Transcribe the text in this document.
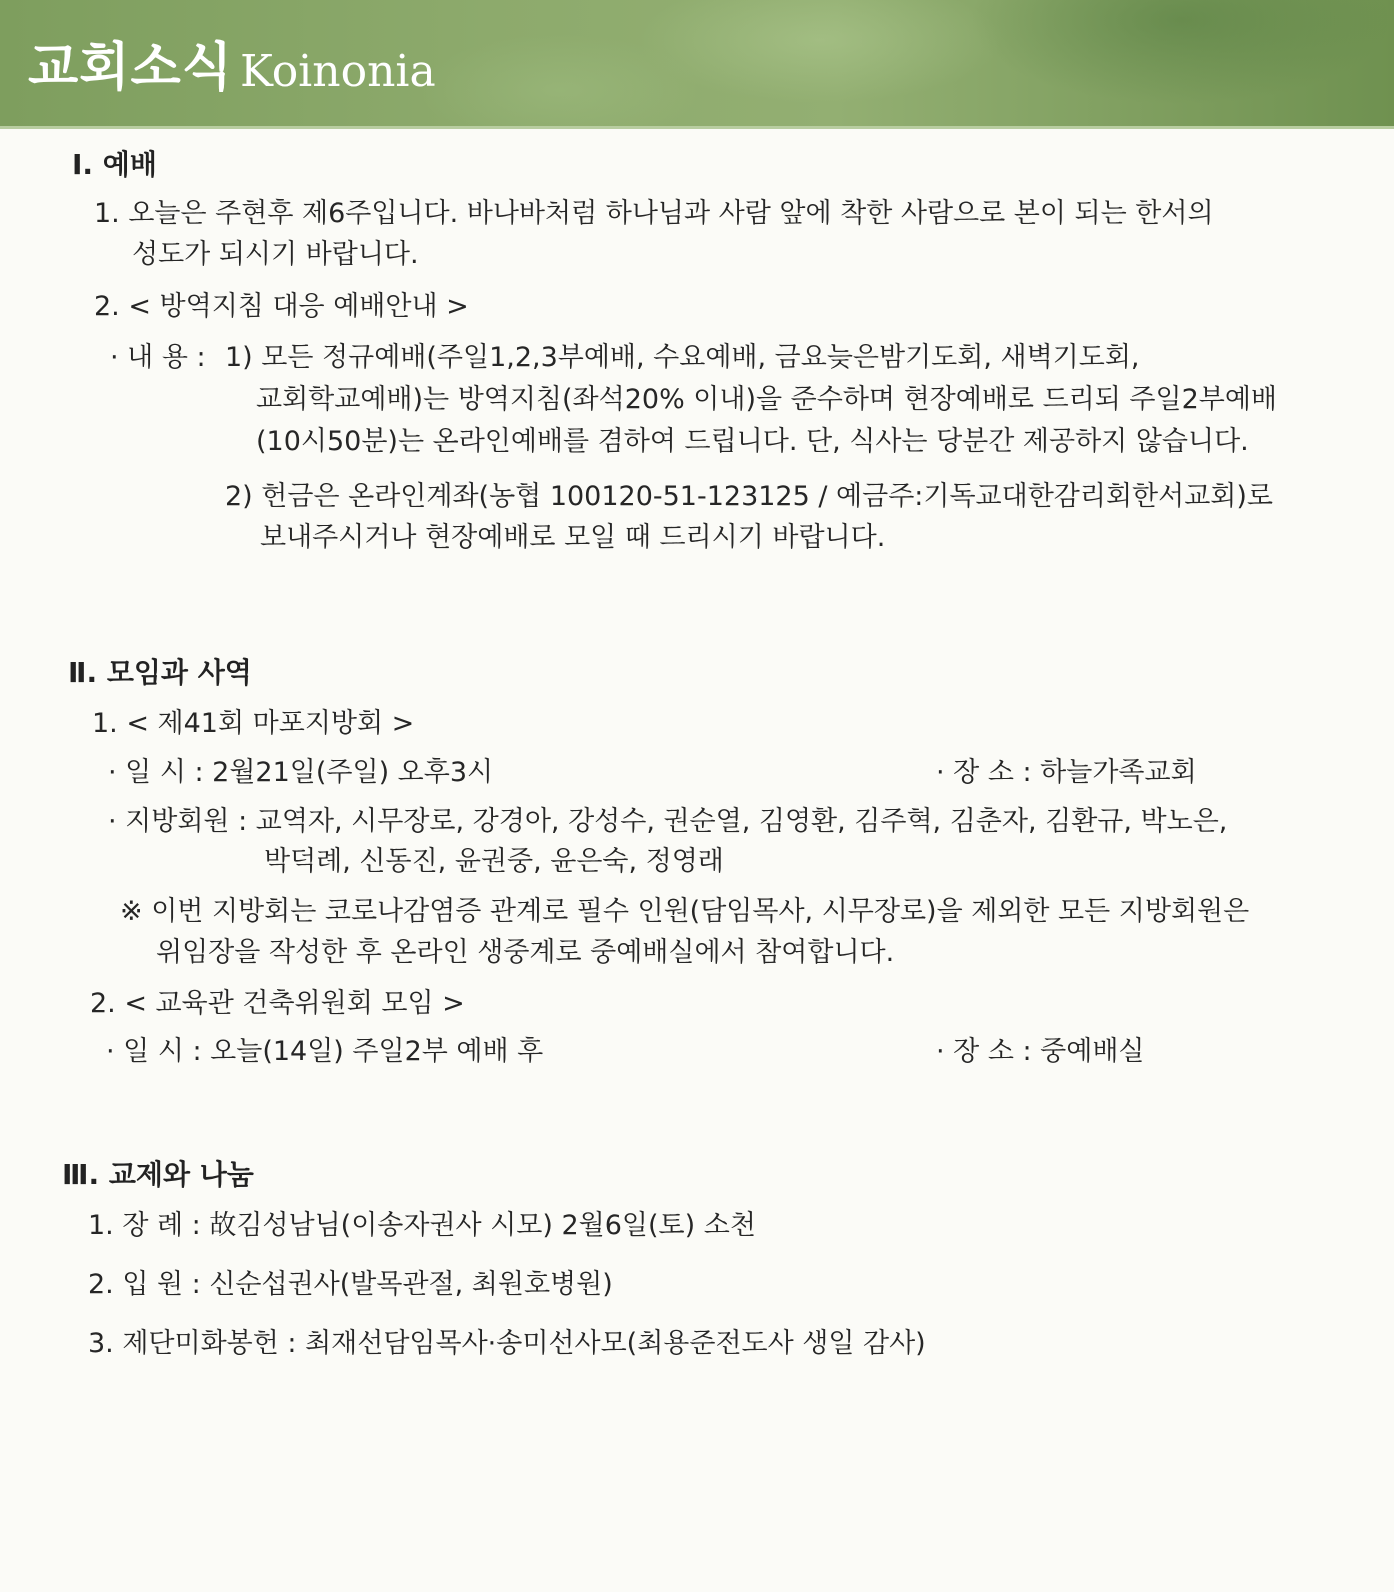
교회소식 Koinonia
Ⅰ. 예배
1. 오늘은 주현후 제6주입니다. 바나바처럼 하나님과 사람 앞에 착한 사람으로 본이 되는 한서의
성도가 되시기 바랍니다.
2. < 방역지침 대응 예배안내 >
· 내 용 : 1) 모든 정규예배(주일1,2,3부예배, 수요예배, 금요늦은밤기도회, 새벽기도회,
교회학교예배)는 방역지침(좌석20% 이내)을 준수하며 현장예배로 드리되 주일2부예배
(10시50분)는 온라인예배를 겸하여 드립니다. 단, 식사는 당분간 제공하지 않습니다.
2) 헌금은 온라인계좌(농협 100120-51-123125 / 예금주:기독교대한감리회한서교회)로
보내주시거나 현장예배로 모일 때 드리시기 바랍니다.
Ⅱ. 모임과 사역
1. < 제41회 마포지방회 >
· 일 시 : 2월21일(주일) 오후3시	· 장 소 : 하늘가족교회
· 지방회원 : 교역자, 시무장로, 강경아, 강성수, 권순열, 김영환, 김주혁, 김춘자, 김환규, 박노은,
박덕례, 신동진, 윤권중, 윤은숙, 정영래
※ 이번 지방회는 코로나감염증 관계로 필수 인원(담임목사, 시무장로)을 제외한 모든 지방회원은
위임장을 작성한 후 온라인 생중계로 중예배실에서 참여합니다.
2. < 교육관 건축위원회 모임 >
· 일 시 : 오늘(14일) 주일2부 예배 후	· 장 소 : 중예배실
Ⅲ. 교제와 나눔
1. 장 례 : 故김성남님(이송자권사 시모) 2월6일(토) 소천
2. 입 원 : 신순섭권사(발목관절, 최원호병원)
3. 제단미화봉헌 : 최재선담임목사·송미선사모(최용준전도사 생일 감사)
